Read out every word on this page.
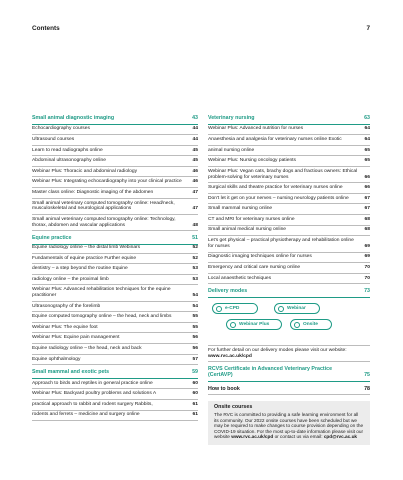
Contents	7
Small animal diagnostic imaging	43
Echocardiography courses	44
Ultrasound courses	44
Learn to read radiographs online	45
Abdominal ultrasonography online	45
Webinar Plus: Thoracic and abdominal radiology	46
Webinar Plus: Integrating echocardiography into your clinical practice	46
Master class online: Diagnostic imaging of the abdomen	47
Small animal veterinary computed tomography online: Head/neck, musculoskeletal and neurological applications	47
Small animal veterinary computed tomography online: Technology, thorax, abdomen and vascular applications	48
Equine practice	51
Equine radiology online – the distal limb Webinars	52
Fundamentals of equine practice Further equine	52
dentistry – a step beyond the routine Equine	53
radiology online – the proximal limb	53
Webinar Plus: Advanced rehabilitation techniques for the equine practitioner	54
Ultrasonography of the forelimb	54
Equine computed tomography online – the head, neck and limbs	55
Webinar Plus: The equine foot	55
Webinar Plus: Equine pain management	56
Equine radiology online – the head, neck and back	56
Equine ophthalmology	57
Small mammal and exotic pets	59
Approach to birds and reptiles in general practice online	60
Webinar Plus: Backyard poultry problems and solutions A	60
practical approach to rabbit and rodent surgery Rabbits,	61
rodents and ferrets – medicine and surgery online	61
Veterinary nursing	63
Webinar Plus: Advanced nutrition for nurses	64
Anaesthesia and analgesia for veterinary nurses online Exotic	64
animal nursing online	65
Webinar Plus: Nursing oncology patients	65
Webinar Plus: Vegan cats, brachy dogs and fractious owners: Ethical problem-solving for veterinary nurses	66
Surgical skills and theatre practice for veterinary nurses online	66
Don't let it get on your nerves – nursing neurology patients online	67
Small mammal nursing online	67
CT and MRI for veterinary nurses online	68
Small animal medical nursing online	68
Let's get physical – practical physiotherapy and rehabilitation online for nurses	69
Diagnostic imaging techniques online for nurses	69
Emergency and critical care nursing online	70
Local anaesthetic techniques	70
Delivery modes	73
e-CPD	Webinar
Webinar Plus	Onsite
For further detail on our delivery modes please visit our website:
www.rvc.ac.uk/cpd
RCVS Certificate in Advanced Veterinary Practice (CertAVP)	75
How to book	78
Onsite courses
The RVC is committed to providing a safe learning environment for all its community. Our 2022 onsite courses have been scheduled but we may be required to make changes to course provision depending on the COVID-19 situation. For the most up-to-date information please visit our website www.rvc.ac.uk/cpd or contact us via email: cpd@rvc.ac.uk
